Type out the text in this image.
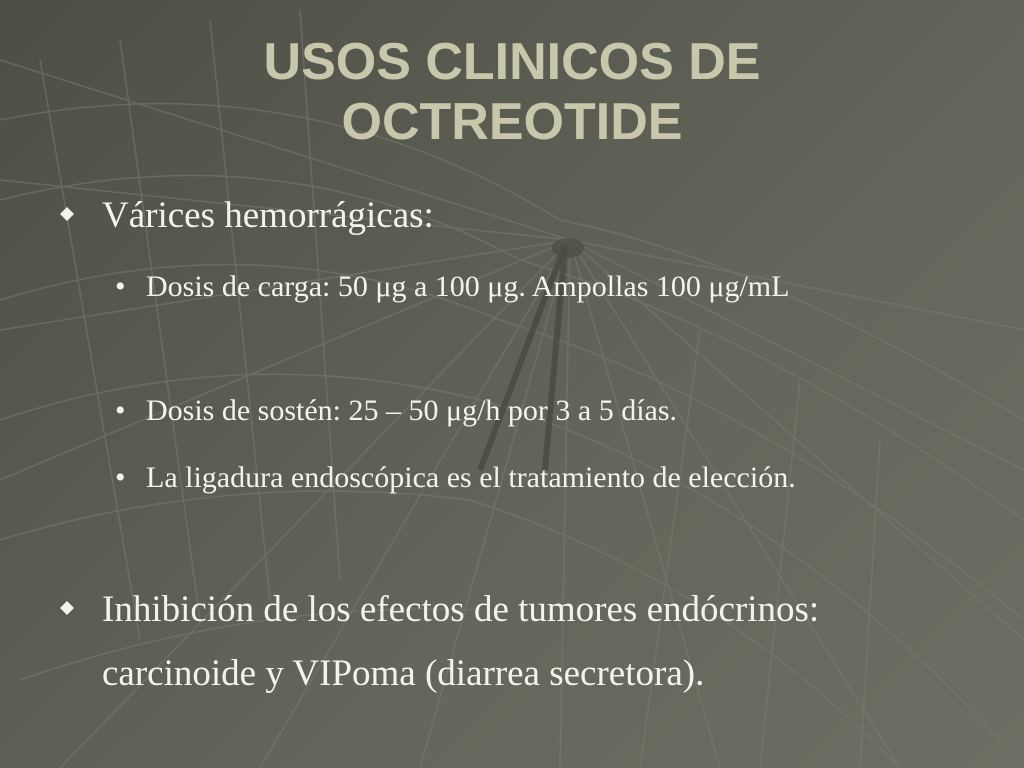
USOS CLINICOS DE
OCTREOTIDE
Várices hemorrágicas:
• Dosis de carga: 50 μg a 100 μg. Ampollas 100 μg/mL
• Dosis de sostén: 25 – 50 μg/h por 3 a 5 días.
• La ligadura endoscópica es el tratamiento de elección.
Inhibición de los efectos de tumores endócrinos: carcinoide y VIPoma (diarrea secretora).
